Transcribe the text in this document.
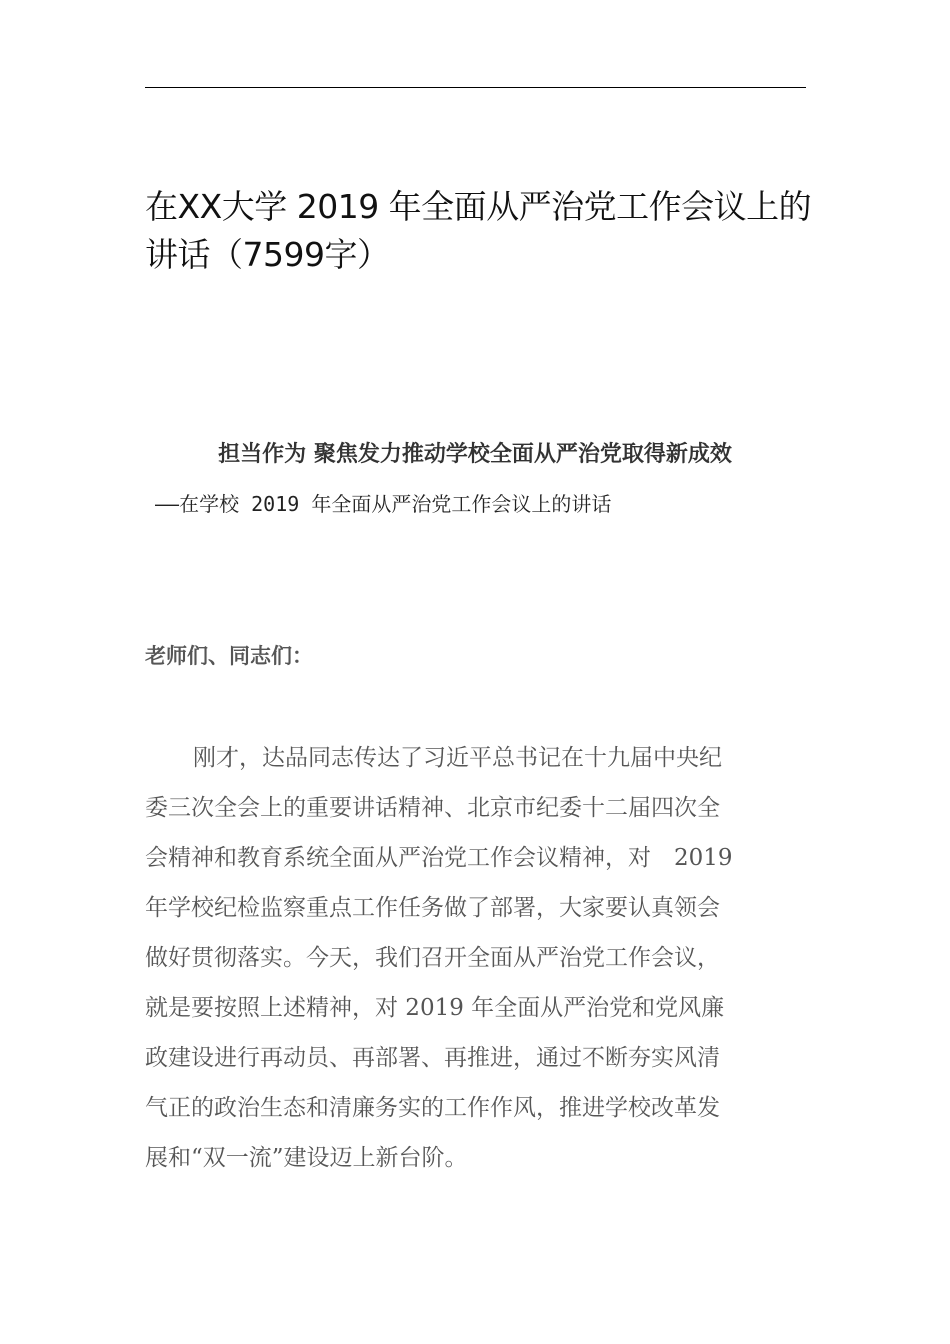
在XX大学 2019 年全面从严治党工作会议上的讲话（7599字）
担当作为 聚焦发力推动学校全面从严治党取得新成效

——在学校 2019 年全面从严治党工作会议上的讲话

老师们、同志们：

刚才，达品同志传达了习近平总书记在十九届中央纪
委三次全会上的重要讲话精神、北京市纪委十二届四次全
会精神和教育系统全面从严治党工作会议精神，对　2019
年学校纪检监察重点工作任务做了部署，大家要认真领会
做好贯彻落实。今天，我们召开全面从严治党工作会议，
就是要按照上述精神，对 2019 年全面从严治党和党风廉
政建设进行再动员、再部署、再推进，通过不断夯实风清
气正的政治生态和清廉务实的工作作风，推进学校改革发
展和“双一流”建设迈上新台阶。
